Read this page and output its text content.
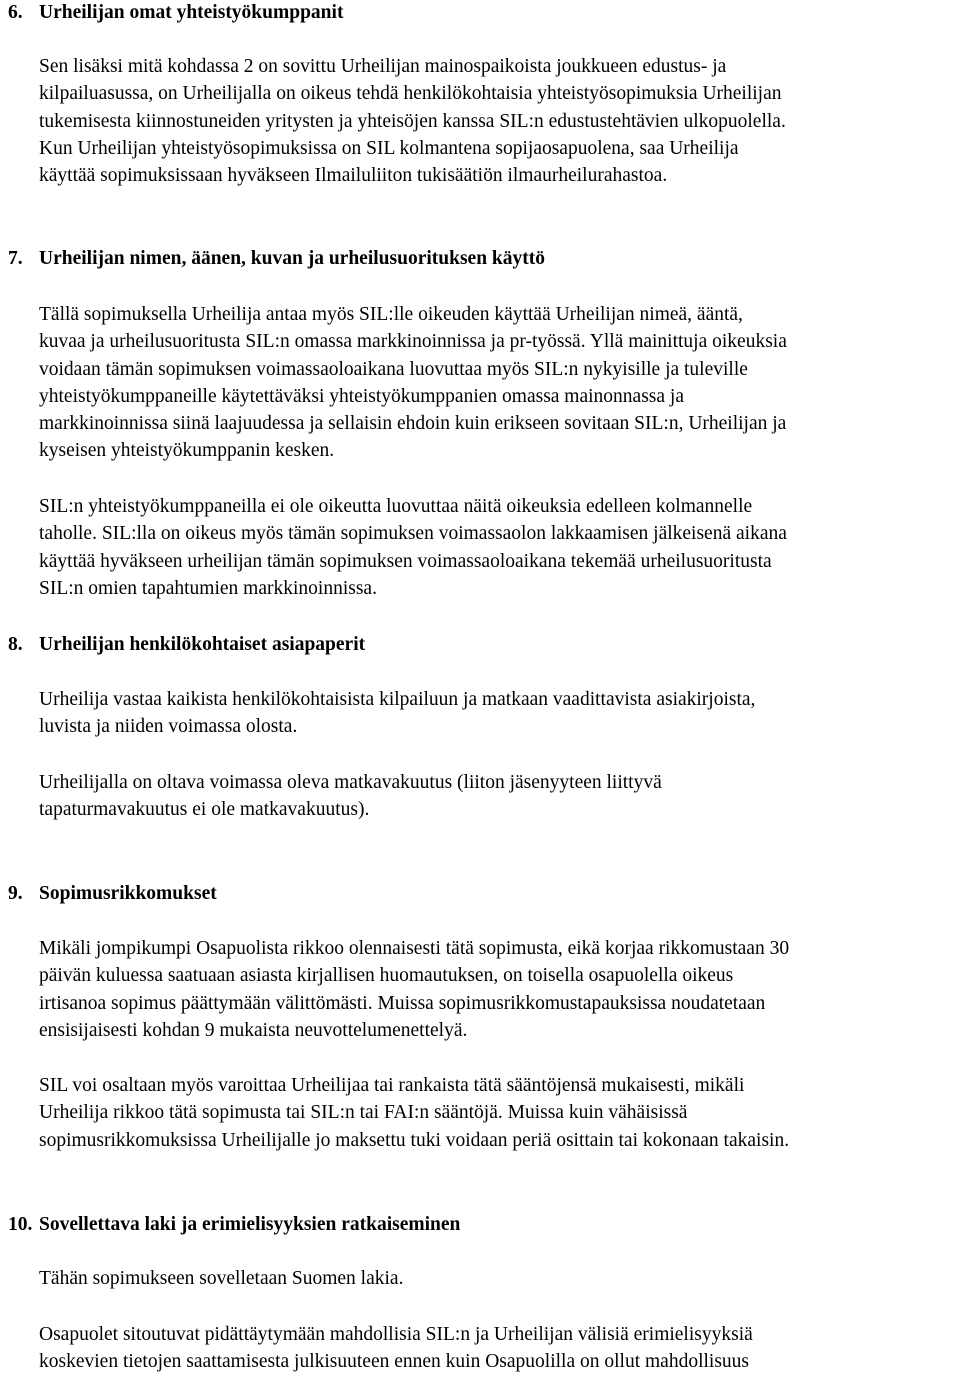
6. Urheilijan omat yhteistyökumppanit
Sen lisäksi mitä kohdassa 2 on sovittu Urheilijan mainospaikoista joukkueen edustus- ja
kilpailuasussa, on Urheilijalla on oikeus tehdä henkilökohtaisia yhteistyösopimuksia Urheilijan
tukemisesta kiinnostuneiden yritysten ja yhteisöjen kanssa SIL:n edustustehtävien ulkopuolella.
Kun Urheilijan yhteistyösopimuksissa on SIL kolmantena sopijaosapuolena, saa Urheilija
käyttää sopimuksissaan hyväkseen Ilmailuliiton tukisäätiön ilmaurheilurahastoa.
7. Urheilijan nimen, äänen, kuvan ja urheilusuorituksen käyttö
Tällä sopimuksella Urheilija antaa myös SIL:lle oikeuden käyttää Urheilijan nimeä, ääntä,
kuvaa ja urheilusuoritusta SIL:n omassa markkinoinnissa ja pr-työssä. Yllä mainittuja oikeuksia
voidaan tämän sopimuksen voimassaoloaikana luovuttaa myös SIL:n nykyisille ja tuleville
yhteistyökumppaneille käytettäväksi yhteistyökumppanien omassa mainonnassa ja
markkinoinnissa siinä laajuudessa ja sellaisin ehdoin kuin erikseen sovitaan SIL:n, Urheilijan ja
kyseisen yhteistyökumppanin kesken.
SIL:n yhteistyökumppaneilla ei ole oikeutta luovuttaa näitä oikeuksia edelleen kolmannelle
taholle. SIL:lla on oikeus myös tämän sopimuksen voimassaolon lakkaamisen jälkeisenä aikana
käyttää hyväkseen urheilijan tämän sopimuksen voimassaoloaikana tekemää urheilusuoritusta
SIL:n omien tapahtumien markkinoinnissa.
8. Urheilijan henkilökohtaiset asiapaperit
Urheilija vastaa kaikista henkilökohtaisista kilpailuun ja matkaan vaadittavista asiakirjoista,
luvista ja niiden voimassa olosta.
Urheilijalla on oltava voimassa oleva matkavakuutus (liiton jäsenyyteen liittyvä
tapaturmavakuutus ei ole matkavakuutus).
9. Sopimusrikkomukset
Mikäli jompikumpi Osapuolista rikkoo olennaisesti tätä sopimusta, eikä korjaa rikkomustaan 30
päivän kuluessa saatuaan asiasta kirjallisen huomautuksen, on toisella osapuolella oikeus
irtisanoa sopimus päättymään välittömästi. Muissa sopimusrikkomustapauksissa noudatetaan
ensisijaisesti kohdan 9 mukaista neuvottelumenettelyä.
SIL voi osaltaan myös varoittaa Urheilijaa tai rankaista tätä sääntöjensä mukaisesti, mikäli
Urheilija rikkoo tätä sopimusta tai SIL:n tai FAI:n sääntöjä. Muissa kuin vähäisissä
sopimusrikkomuksissa Urheilijalle jo maksettu tuki voidaan periä osittain tai kokonaan takaisin.
10. Sovellettava laki ja erimielisyyksien ratkaiseminen
Tähän sopimukseen sovelletaan Suomen lakia.
Osapuolet sitoutuvat pidättäytymään mahdollisia SIL:n ja Urheilijan välisiä erimielisyyksiä
koskevien tietojen saattamisesta julkisuuteen ennen kuin Osapuolilla on ollut mahdollisuus
